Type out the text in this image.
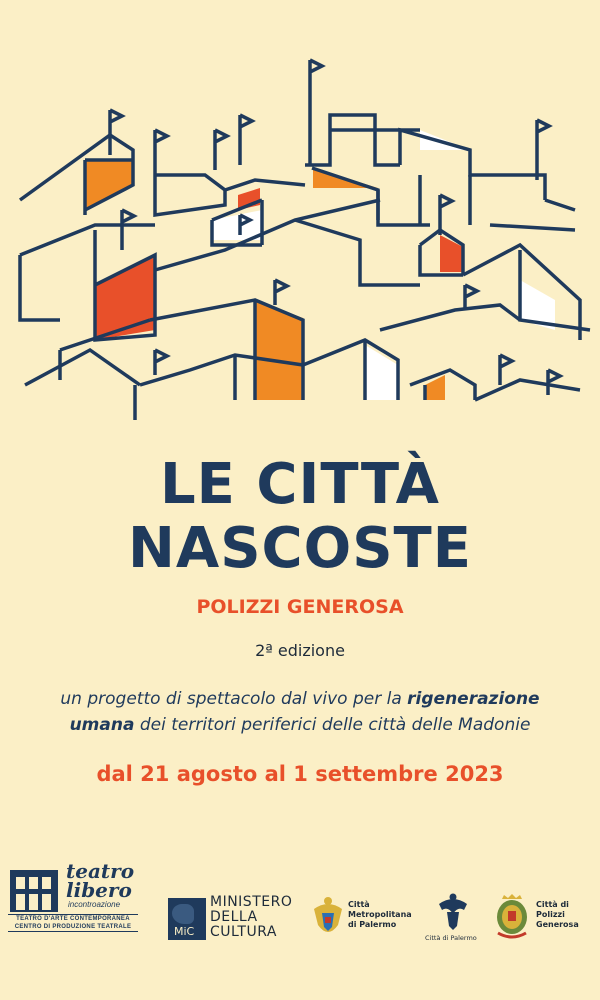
LE CITTÀ
NASCOSTE
POLIZZI GENEROSA
2ª edizione
un progetto di spettacolo dal vivo per la rigenerazione
umana dei territori periferici delle città delle Madonie
dal 21 agosto al 1 settembre 2023
teatro
libero
incontroazione
TEATRO D'ARTE CONTEMPORANEA
CENTRO DI PRODUZIONE TEATRALE	MiC
MINISTERO
DELLA
CULTURA
Città
Metropolitana
di Palermo
Città di Palermo
Città di
Polizzi
Generosa
